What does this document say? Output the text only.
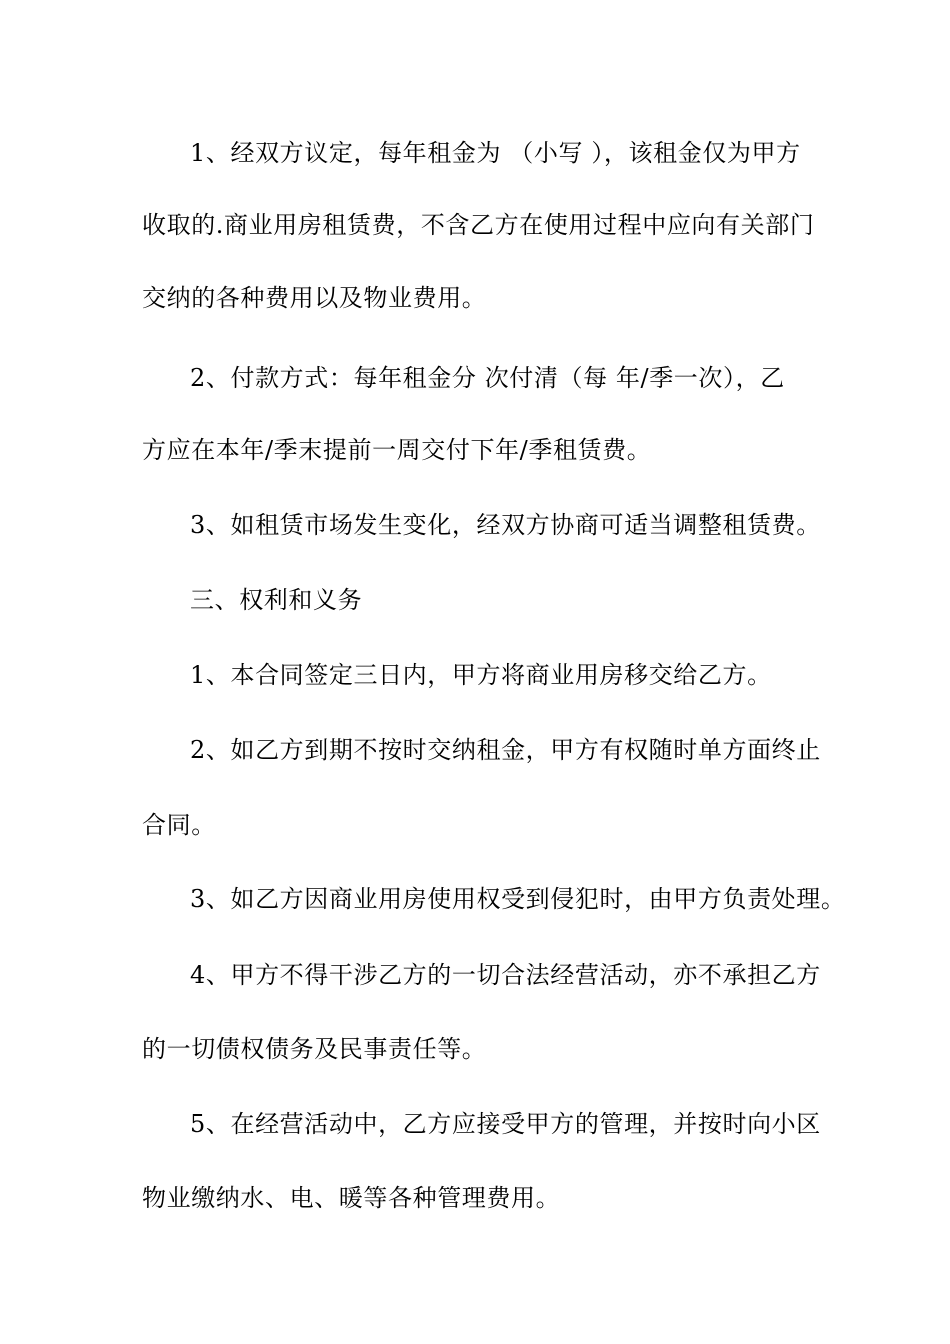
1、经双方议定，每年租金为 （小写 ），该租金仅为甲方
收取的.商业用房租赁费，不含乙方在使用过程中应向有关部门
交纳的各种费用以及物业费用。
2、付款方式：每年租金分 次付清（每 年/季一次），乙
方应在本年/季末提前一周交付下年/季租赁费。
3、如租赁市场发生变化，经双方协商可适当调整租赁费。
三、权利和义务
1、本合同签定三日内，甲方将商业用房移交给乙方。
2、如乙方到期不按时交纳租金，甲方有权随时单方面终止
合同。
3、如乙方因商业用房使用权受到侵犯时，由甲方负责处理。
4、甲方不得干涉乙方的一切合法经营活动，亦不承担乙方
的一切债权债务及民事责任等。
5、在经营活动中，乙方应接受甲方的管理，并按时向小区
物业缴纳水、电、暖等各种管理费用。
